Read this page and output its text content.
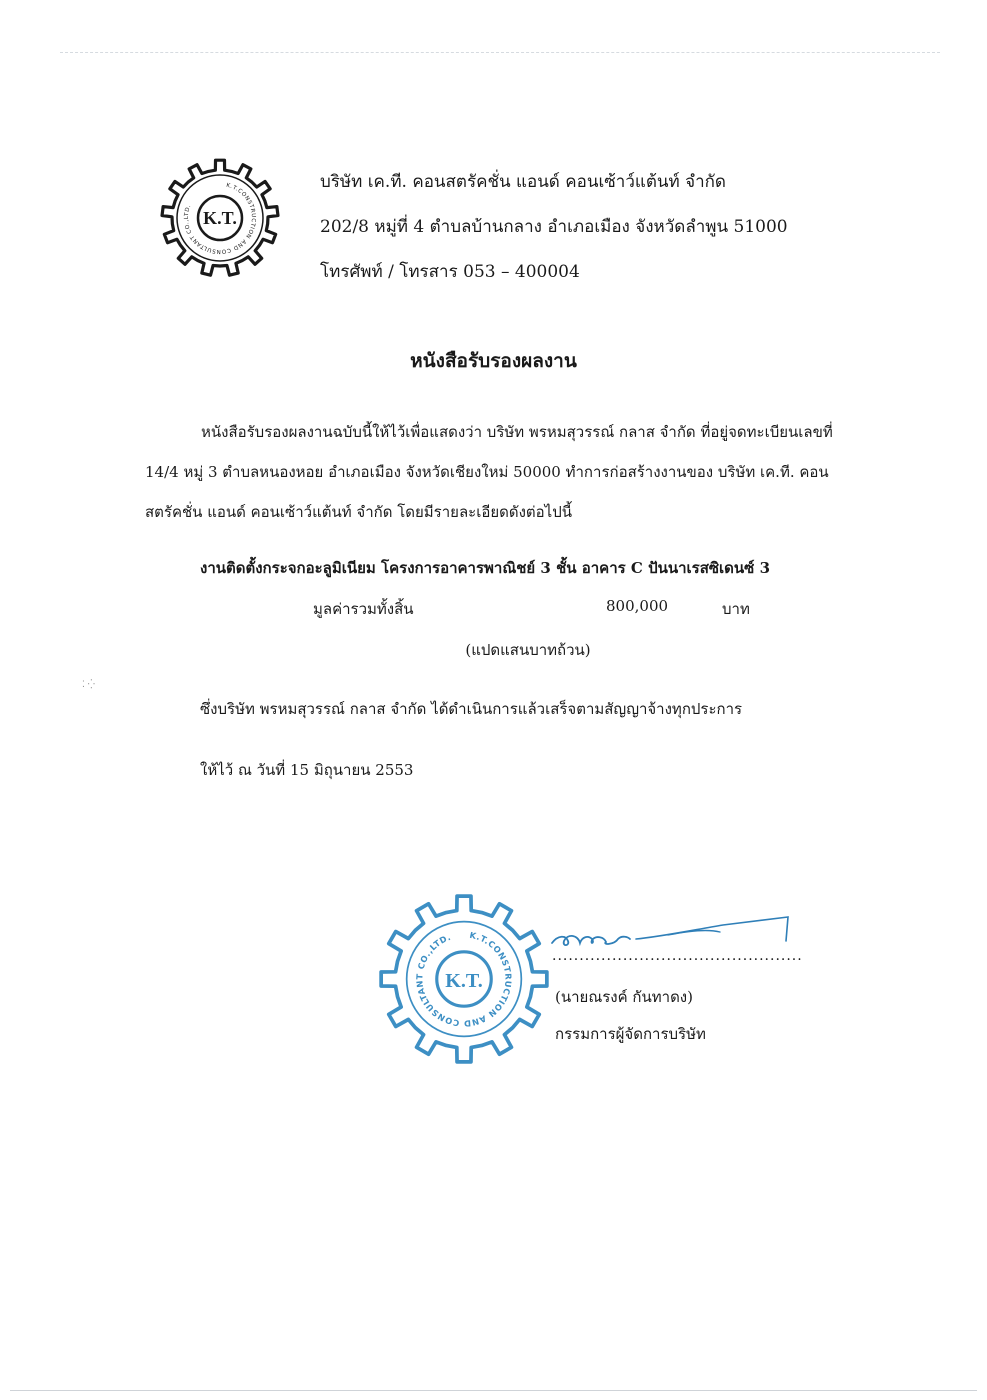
⁚ ⁛
K.T.
K.T.CONSTRUCTION AND CONSULTANT CO.,LTD.
บริษัท เค.ที. คอนสตรัคชั่น แอนด์ คอนเซ้าว์แต้นท์ จำกัด
202/8 หมู่ที่ 4 ตำบลบ้านกลาง อำเภอเมือง จังหวัดลำพูน 51000
โทรศัพท์ / โทรสาร 053 – 400004
หนังสือรับรองผลงาน
หนังสือรับรองผลงานฉบับนี้ให้ไว้เพื่อแสดงว่า บริษัท พรหมสุวรรณ์ กลาส จำกัด ที่อยู่จดทะเบียนเลขที่
14/4 หมู่ 3 ตำบลหนองหอย อำเภอเมือง จังหวัดเชียงใหม่ 50000 ทำการก่อสร้างงานของ บริษัท เค.ที. คอน
สตรัคชั่น แอนด์ คอนเซ้าว์แต้นท์ จำกัด โดยมีรายละเอียดดังต่อไปนี้
งานติดตั้งกระจกอะลูมิเนียม โครงการอาคารพาณิชย์ 3 ชั้น อาคาร C ปันนาเรสซิเดนซ์ 3
มูลค่ารวมทั้งสิ้น	800,000	บาท
(แปดแสนบาทถ้วน)
ซึ่งบริษัท พรหมสุวรรณ์ กลาส จำกัด ได้ดำเนินการแล้วเสร็จตามสัญญาจ้างทุกประการ
ให้ไว้ ณ วันที่ 15 มิถุนายน 2553
K.T.
K.T.CONSTRUCTION AND CONSULTANT CO.,LTD.
..............................................
(นายณรงค์ กันทาดง)
กรรมการผู้จัดการบริษัท
